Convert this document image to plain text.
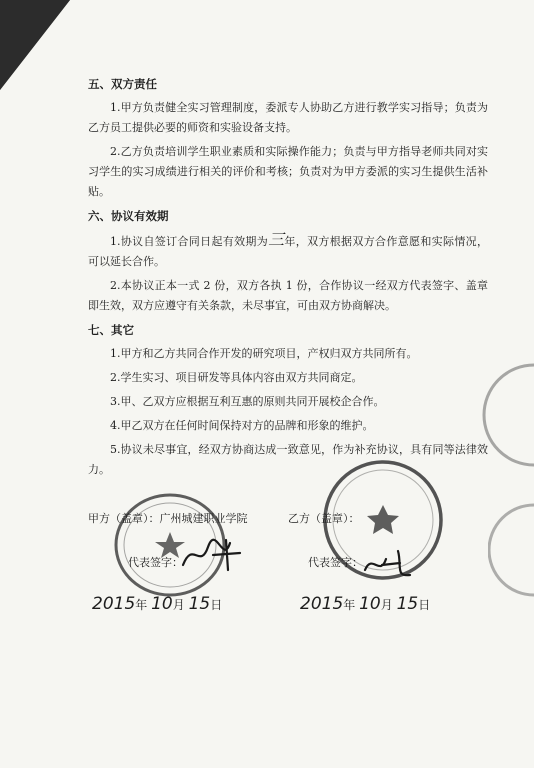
五、双方责任

1.甲方负责健全实习管理制度，委派专人协助乙方进行教学实习指导；负责为乙方员工提供必要的师资和实验设备支持。

2.乙方负责培训学生职业素质和实际操作能力；负责与甲方指导老师共同对实习学生的实习成绩进行相关的评价和考核；负责对为甲方委派的实习生提供生活补贴。

六、协议有效期

1.协议自签订合同日起有效期为三年，双方根据双方合作意愿和实际情况，可以延长合作。

2.本协议正本一式 2 份，双方各执 1 份，合作协议一经双方代表签字、盖章即生效，双方应遵守有关条款，未尽事宜，可由双方协商解决。

七、其它

1.甲方和乙方共同合作开发的研究项目，产权归双方共同所有。

2.学生实习、项目研发等具体内容由双方共同商定。

3.甲、乙双方应根据互利互惠的原则共同开展校企合作。

4.甲乙双方在任何时间保持对方的品牌和形象的维护。

5.协议未尽事宜，经双方协商达成一致意见，作为补充协议，具有同等法律效力。

甲方（盖章）：广州城建职业学院	乙方（盖章）：
代表签字：	代表签字：
2015年 10月 15日	2015年 10月 15日
